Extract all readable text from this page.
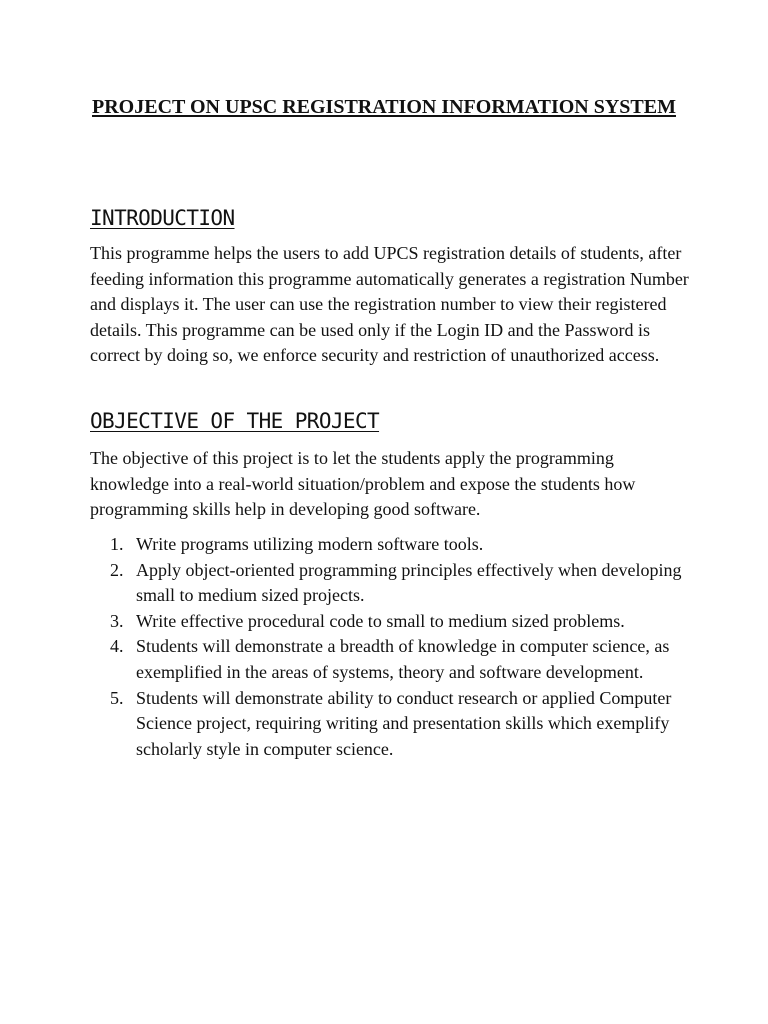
PROJECT ON UPSC REGISTRATION INFORMATION SYSTEM
INTRODUCTION

This programme helps the users to add UPCS registration details of students, after feeding information this programme automatically generates a registration Number and displays it. The user can use the registration number to view their registered details. This programme can be used only if the Login ID and the Password is correct by doing so, we enforce security and restriction of unauthorized access.

OBJECTIVE OF THE PROJECT

The objective of this project is to let the students apply the programming knowledge into a real-world situation/problem and expose the students how programming skills help in developing good software.

1. Write programs utilizing modern software tools.
2. Apply object-oriented programming principles effectively when developing small to medium sized projects.
3. Write effective procedural code to small to medium sized problems.
4. Students will demonstrate a breadth of knowledge in computer science, as exemplified in the areas of systems, theory and software development.
5. Students will demonstrate ability to conduct research or applied Computer Science project, requiring writing and presentation skills which exemplify scholarly style in computer science.
